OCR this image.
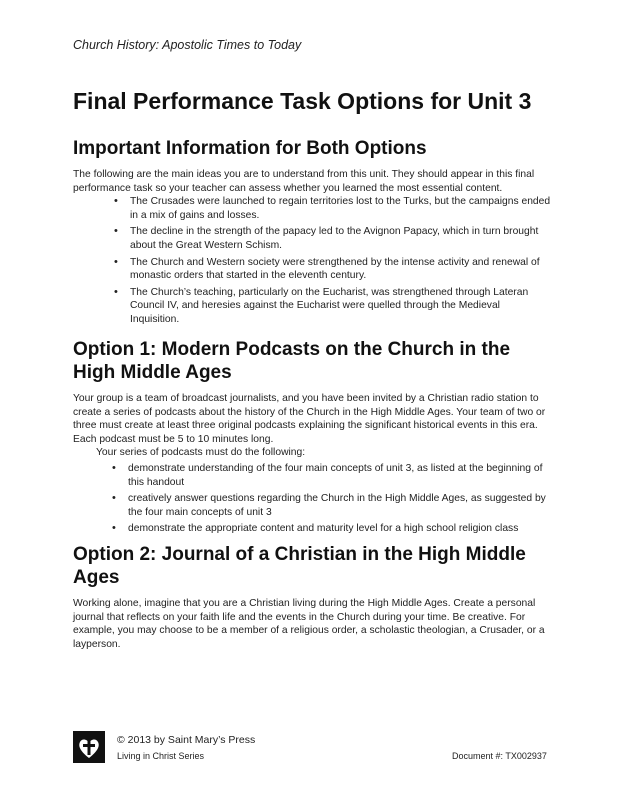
Church History: Apostolic Times to Today
Final Performance Task Options for Unit 3
Important Information for Both Options

The following are the main ideas you are to understand from this unit. They should appear in this final performance task so your teacher can assess whether you learned the most essential content.

• The Crusades were launched to regain territories lost to the Turks, but the campaigns ended in a mix of gains and losses.
• The decline in the strength of the papacy led to the Avignon Papacy, which in turn brought about the Great Western Schism.
• The Church and Western society were strengthened by the intense activity and renewal of monastic orders that started in the eleventh century.
• The Church’s teaching, particularly on the Eucharist, was strengthened through Lateran Council IV, and heresies against the Eucharist were quelled through the Medieval Inquisition.
Option 1: Modern Podcasts on the Church in the High Middle Ages

Your group is a team of broadcast journalists, and you have been invited by a Christian radio station to create a series of podcasts about the history of the Church in the High Middle Ages. Your team of two or three must create at least three original podcasts explaining the significant historical events in this era. Each podcast must be 5 to 10 minutes long.

Your series of podcasts must do the following:

• demonstrate understanding of the four main concepts of unit 3, as listed at the beginning of this handout
• creatively answer questions regarding the Church in the High Middle Ages, as suggested by the four main concepts of unit 3
• demonstrate the appropriate content and maturity level for a high school religion class
Option 2: Journal of a Christian in the High Middle Ages

Working alone, imagine that you are a Christian living during the High Middle Ages. Create a personal journal that reflects on your faith life and the events in the Church during your time. Be creative. For example, you may choose to be a member of a religious order, a scholastic theologian, a Crusader, or a layperson.

© 2013 by Saint Mary’s Press
Living in Christ Series	Document #: TX002937
